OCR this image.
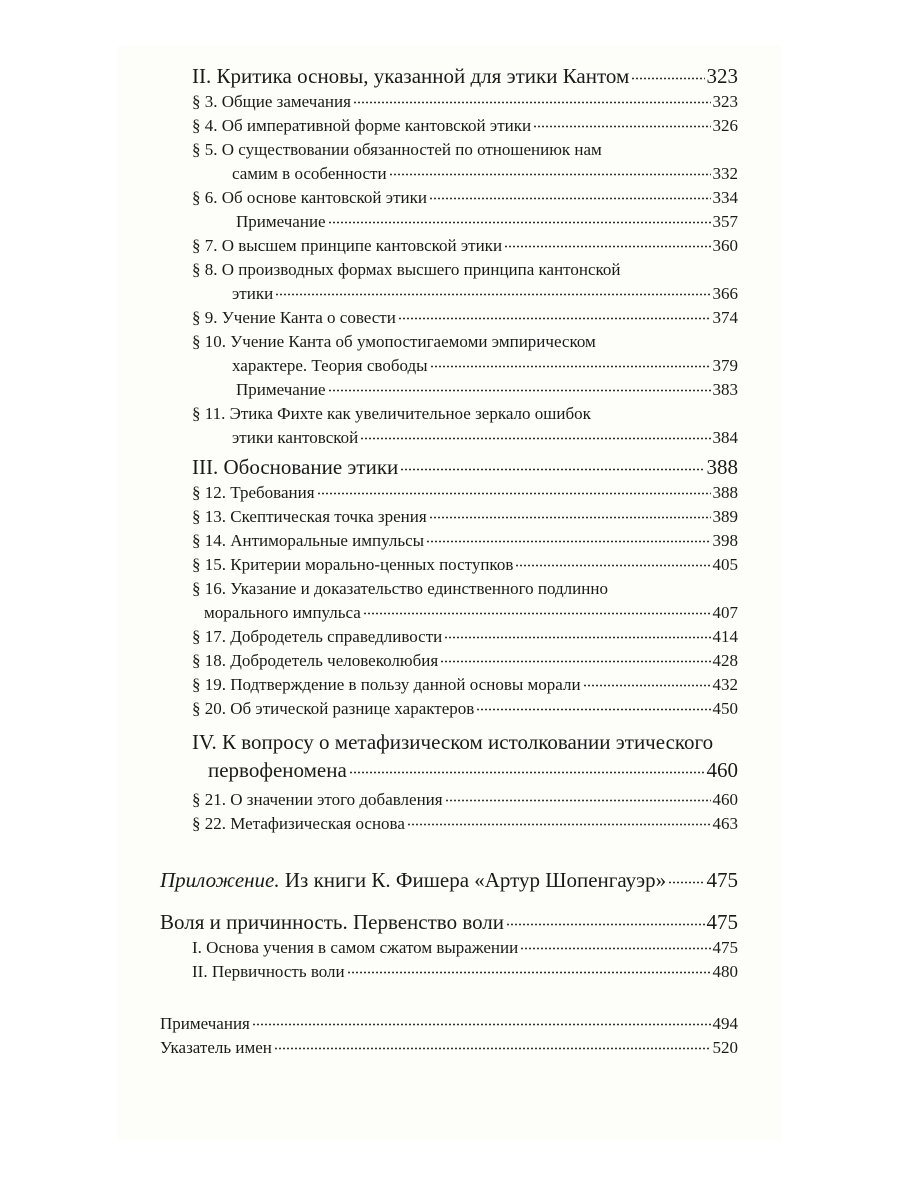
II. Критика основы, указанной для этики Кантом	323
§ 3. Общие замечания	323
§ 4. Об императивной форме кантовской этики	326
§ 5. О существовании обязанностей по отношениюк нам
самим в особенности	332
§ 6. Об основе кантовской этики	334
Примечание	357
§ 7. О высшем принципе кантовской этики	360
§ 8. О производных формах высшего принципа кантонской
этики	366
§ 9. Учение Канта о совести	374
§ 10. Учение Канта об умопостигаемоми эмпирическом
характере. Теория свободы	379
Примечание	383
§ 11. Этика Фихте как увеличительное зеркало ошибок
этики кантовской	384
III. Обоснование этики	388
§ 12. Требования	388
§ 13. Скептическая точка зрения	389
§ 14. Антиморальные импульсы	398
§ 15. Критерии морально-ценных поступков	405
§ 16. Указание и доказательство единственного подлинно
морального импульса	407
§ 17. Добродетель справедливости	414
§ 18. Добродетель человеколюбия	428
§ 19. Подтверждение в пользу данной основы морали	432
§ 20. Об этической разнице характеров	450
IV. К вопросу о метафизическом истолковании этического
первофеномена	460
§ 21. О значении этого добавления	460
§ 22. Метафизическая основа	463
Приложение. Из книги К. Фишера «Артур Шопенгауэр» 475
Воля и причинность. Первенство воли	475
I. Основа учения в самом сжатом выражении	475
II. Первичность воли	480
Примечания	494
Указатель имен	520
